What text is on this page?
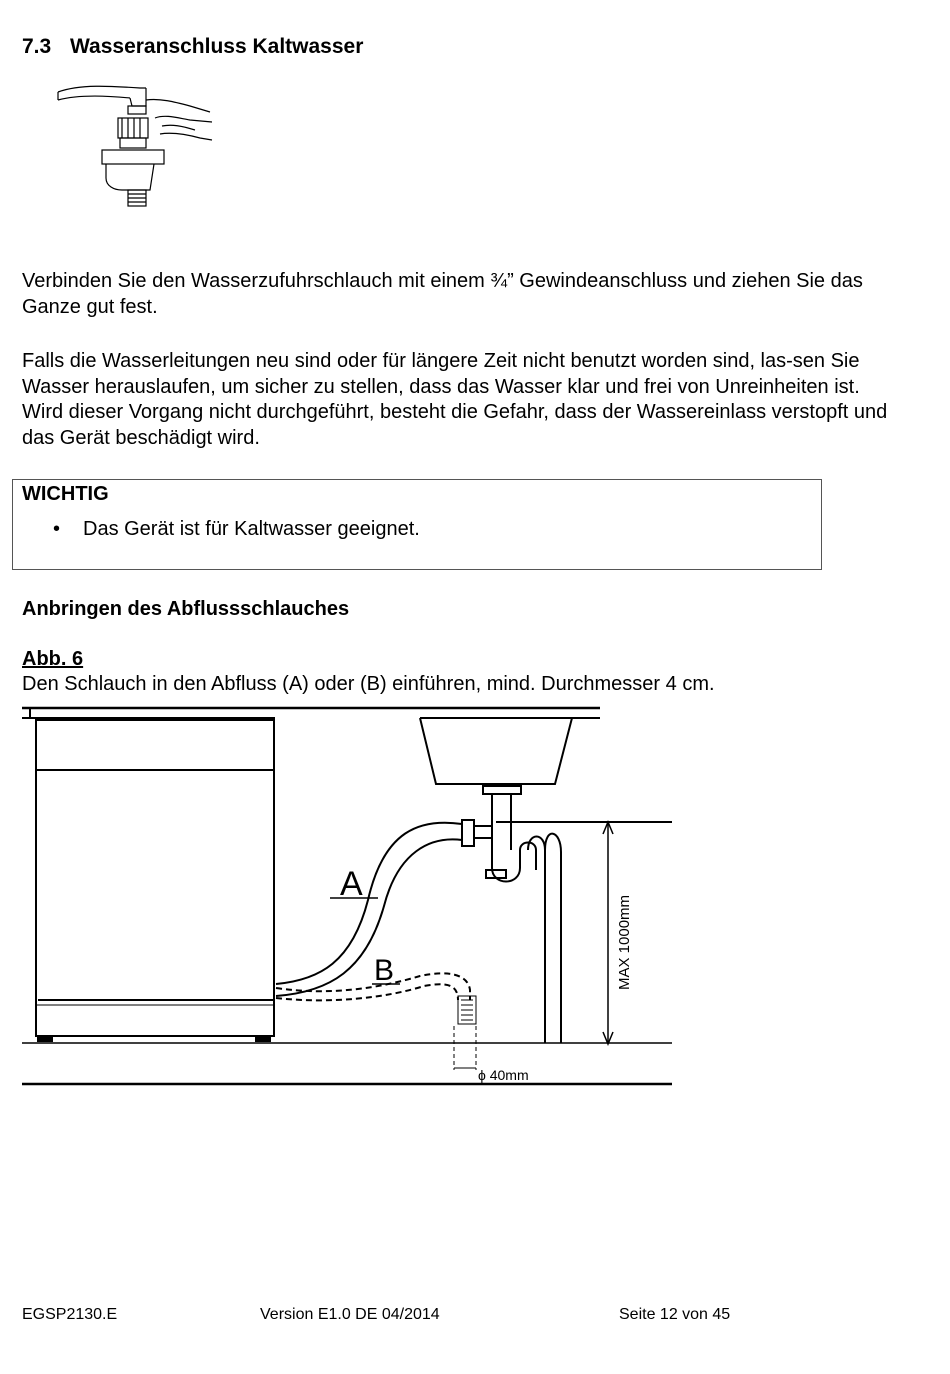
7.3 Wasseranschluss Kaltwasser

Verbinden Sie den Wasserzufuhrschlauch mit einem ¾” Gewindeanschluss und ziehen Sie das Ganze gut fest.

Falls die Wasserleitungen neu sind oder für längere Zeit nicht benutzt worden sind, las-sen Sie Wasser herauslaufen, um sicher zu stellen, dass das Wasser klar und frei von Unreinheiten ist. Wird dieser Vorgang nicht durchgeführt, besteht die Gefahr, dass der Wassereinlass verstopft und das Gerät beschädigt wird.

WICHTIG
• Das Gerät ist für Kaltwasser geeignet.
Anbringen des Abflussschlauches
Abb. 6
Den Schlauch in den Abfluss (A) oder (B) einführen, mind. Durchmesser 4 cm.
A
B
ϕ 40mm
MAX 1000mm
EGSP2130.E	Version E1.0 DE 04/2014	Seite 12 von 45
